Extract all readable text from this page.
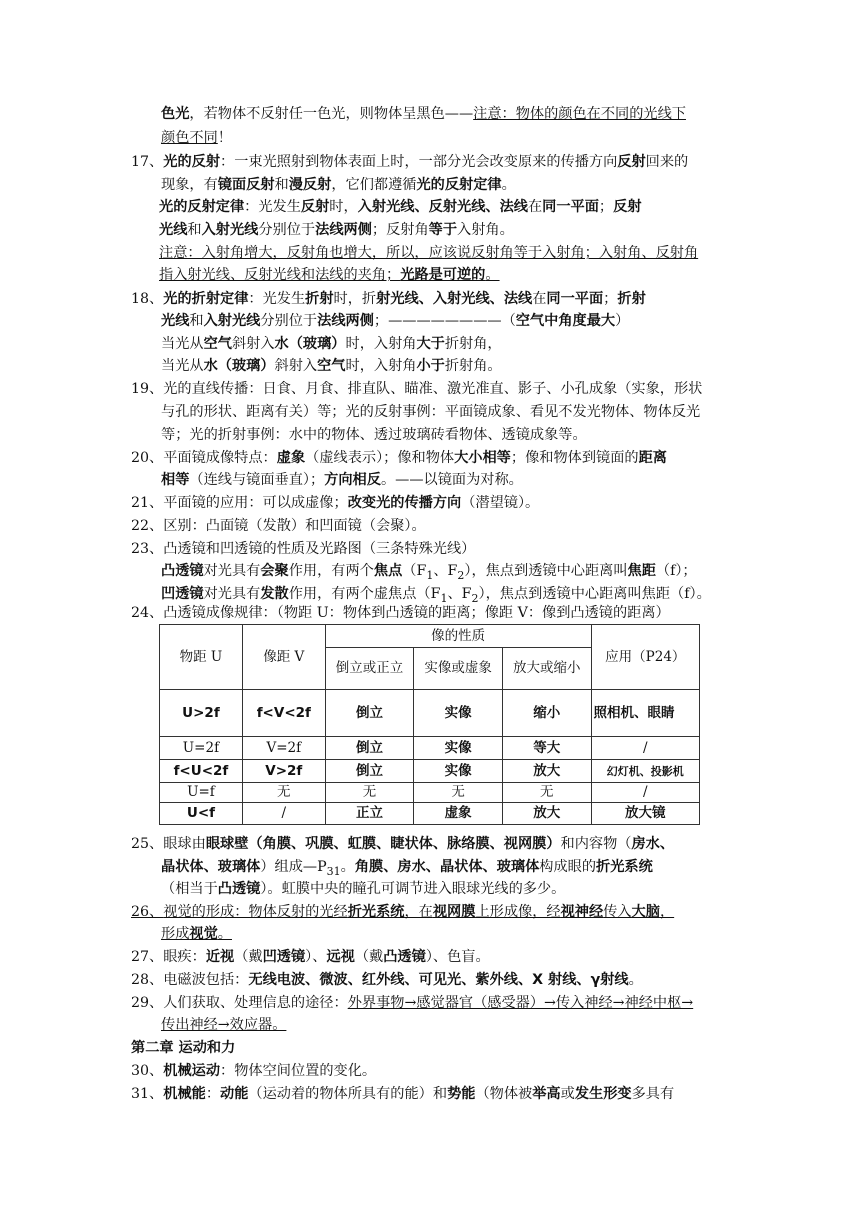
色光，若物体不反射任一色光，则物体呈黑色——注意：物体的颜色在不同的光线下
颜色不同！
17、光的反射：一束光照射到物体表面上时，一部分光会改变原来的传播方向反射回来的
现象，有镜面反射和漫反射，它们都遵循光的反射定律。
光的反射定律：光发生反射时，入射光线、反射光线、法线在同一平面；反射
光线和入射光线分别位于法线两侧；反射角等于入射角。
注意：入射角增大，反射角也增大，所以，应该说反射角等于入射角；入射角、反射角
指入射光线、反射光线和法线的夹角；光路是可逆的。
18、光的折射定律：光发生折射时，折射光线、入射光线、法线在同一平面；折射
光线和入射光线分别位于法线两侧；————————（空气中角度最大）
当光从空气斜射入水（玻璃）时，入射角大于折射角，
当光从水（玻璃）斜射入空气时，入射角小于折射角。
19、光的直线传播：日食、月食、排直队、瞄准、激光准直、影子、小孔成象（实象，形状
与孔的形状、距离有关）等；光的反射事例：平面镜成象、看见不发光物体、物体反光
等；光的折射事例：水中的物体、透过玻璃砖看物体、透镜成象等。
20、平面镜成像特点：虚象（虚线表示）；像和物体大小相等；像和物体到镜面的距离
相等（连线与镜面垂直）；方向相反。——以镜面为对称。
21、平面镜的应用：可以成虚像；改变光的传播方向（潜望镜）。
22、区别：凸面镜（发散）和凹面镜（会聚）。
23、凸透镜和凹透镜的性质及光路图（三条特殊光线）
凸透镜对光具有会聚作用，有两个焦点（$F_1$、$F_2$），焦点到透镜中心距离叫焦距（f）；
凹透镜对光具有发散作用，有两个虚焦点（$F_1$、$F_2$），焦点到透镜中心距离叫焦距（f）。
24、凸透镜成像规律：（物距 U：物体到凸透镜的距离；像距 V：像到凸透镜的距离）
物距 U	像距 V	像的性质			应用（P24）
		倒立或正立	实像或虚象	放大或缩小	
U>2f	f<V<2f	倒立	实像	缩小	照相机、眼睛
U=2f	V=2f	倒立	实像	等大	/
f<U<2f	V>2f	倒立	实像	放大	幻灯机、投影机
U=f	无	无	无	无	/
U<f	/	正立	虚象	放大	放大镜
25、眼球由眼球壁（角膜、巩膜、虹膜、睫状体、脉络膜、视网膜）和内容物（房水、
晶状体、玻璃体）组成$—P_{31}$。角膜、房水、晶状体、玻璃体构成眼的折光系统
（相当于凸透镜）。虹膜中央的瞳孔可调节进入眼球光线的多少。
26、视觉的形成：物体反射的光经折光系统，在视网膜上形成像，经视神经传入大脑，
形成视觉。
27、眼疾：近视（戴凹透镜）、远视（戴凸透镜）、色盲。
28、电磁波包括：无线电波、微波、红外线、可见光、紫外线、X 射线、γ射线。
29、人们获取、处理信息的途径：外界事物→感觉器官（感受器）→传入神经→神经中枢→
传出神经→效应器。
第二章 运动和力
30、机械运动：物体空间位置的变化。
31、机械能：动能（运动着的物体所具有的能）和势能（物体被举高或发生形变多具有
